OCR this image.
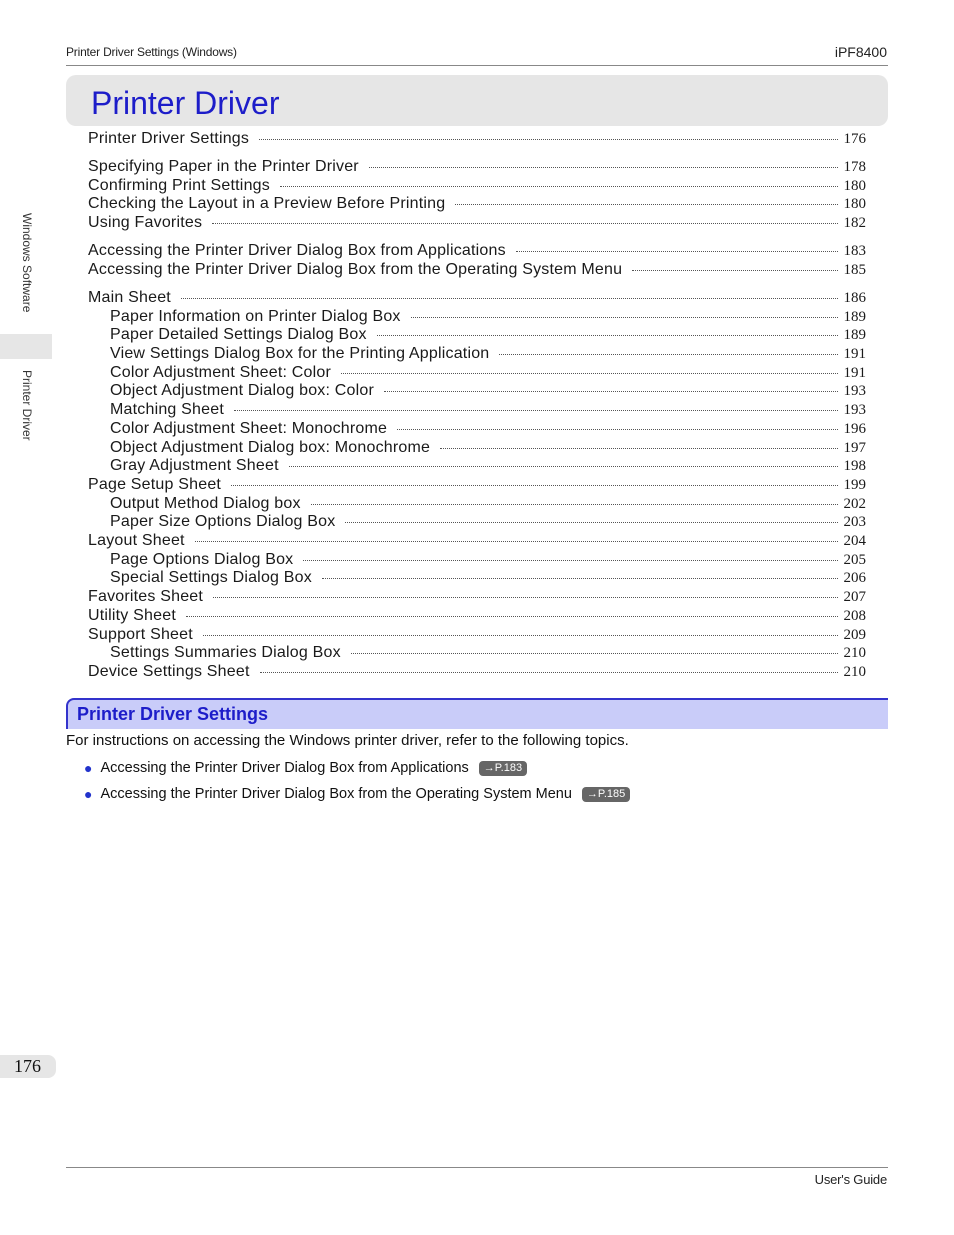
Printer Driver Settings (Windows)	iPF8400
Windows Software
Printer Driver
Printer Driver
Printer Driver Settings	176
Specifying Paper in the Printer Driver	178
Confirming Print Settings	180
Checking the Layout in a Preview Before Printing	180
Using Favorites	182
Accessing the Printer Driver Dialog Box from Applications	183
Accessing the Printer Driver Dialog Box from the Operating System Menu	185
Main Sheet	186
Paper Information on Printer Dialog Box	189
Paper Detailed Settings Dialog Box	189
View Settings Dialog Box for the Printing Application	191
Color Adjustment Sheet: Color	191
Object Adjustment Dialog box: Color	193
Matching Sheet	193
Color Adjustment Sheet: Monochrome	196
Object Adjustment Dialog box: Monochrome	197
Gray Adjustment Sheet	198
Page Setup Sheet	199
Output Method Dialog box	202
Paper Size Options Dialog Box	203
Layout Sheet	204
Page Options Dialog Box	205
Special Settings Dialog Box	206
Favorites Sheet	207
Utility Sheet	208
Support Sheet	209
Settings Summaries Dialog Box	210
Device Settings Sheet	210
Printer Driver Settings
For instructions on accessing the Windows printer driver, refer to the following topics.
● Accessing the Printer Driver Dialog Box from Applications	→P.183
● Accessing the Printer Driver Dialog Box from the Operating System Menu	→P.185
176
User's Guide
